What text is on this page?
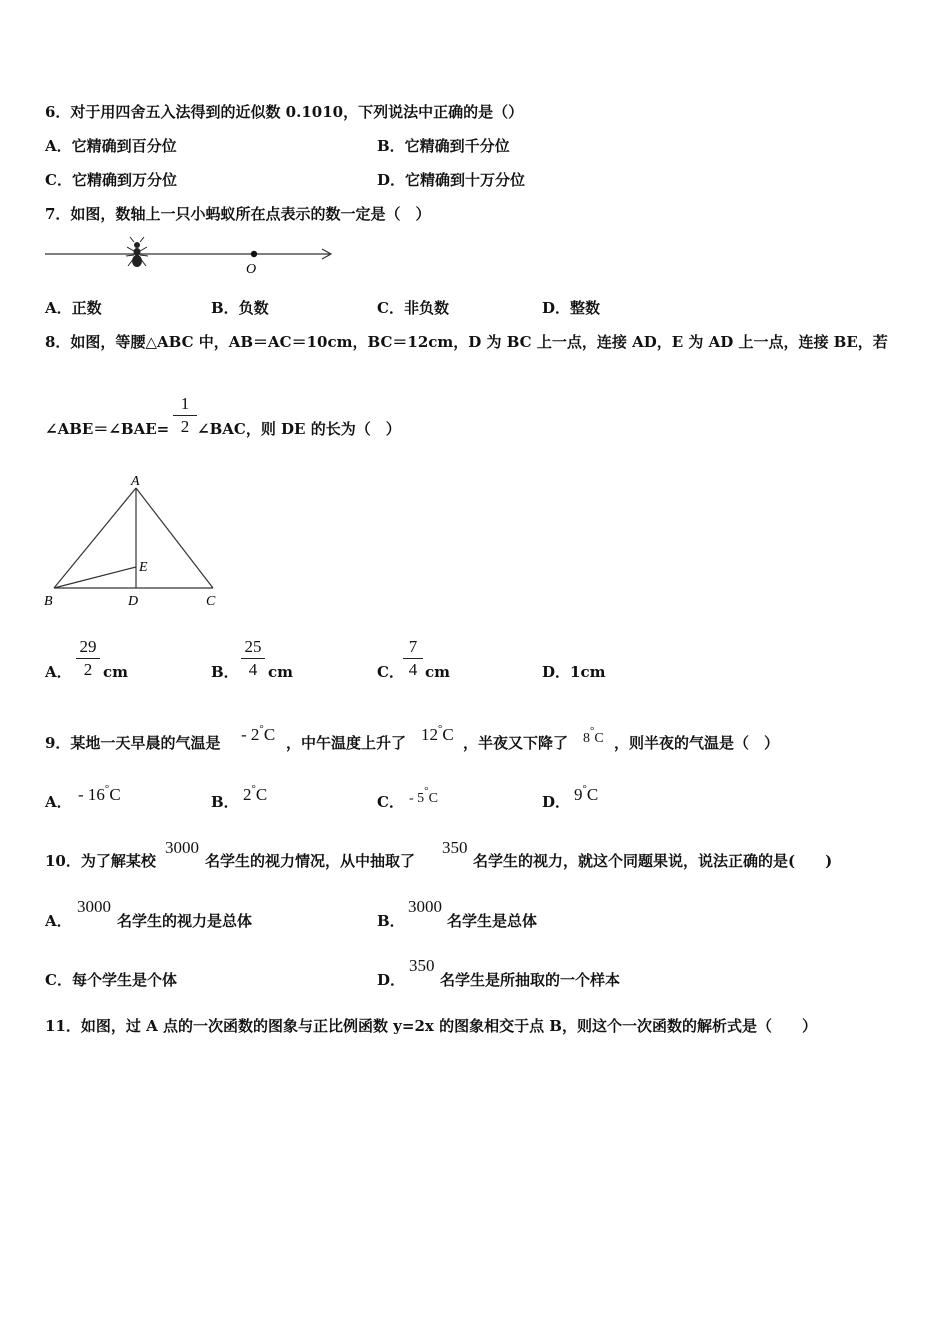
6．对于用四舍五入法得到的近似数 0.1010，下列说法中正确的是（）
A．它精确到百分位	B．它精确到千分位
C．它精确到万分位	D．它精确到十万分位
7．如图，数轴上一只小蚂蚁所在点表示的数一定是（　）
O
A．正数	B．负数	C．非负数	D．整数
8．如图，等腰△ABC 中，AB＝AC＝10cm，BC＝12cm，D 为 BC 上一点，连接 AD，E 为 AD 上一点，连接 BE，若
∠ABE＝∠BAE= $\frac{1}{2}$ ∠BAC，则 DE 的长为（　）
A
B	C
D
E
A． $\frac{29}{2}$ cm	B． $\frac{25}{4}$ cm	C． $\frac{7}{4}$ cm	D．1cm
9．某地一天早晨的气温是 - 2°C ，中午温度上升了 12°C ，半夜又下降了 8°C ，则半夜的气温是（　）
A． - 16°C	B． 2°C	C． - 5°C	D． 9°C
10．为了解某校
3000
名学生的视力情况，从中抽取了
350
名学生的视力，就这个同题果说，说法正确的是(　　)
A．
3000
名学生的视力是总体	B．
3000
名学生是总体
C．每个学生是个体	D．
350
名学生是所抽取的一个样本
11．如图，过 A 点的一次函数的图象与正比例函数 y=2x 的图象相交于点 B，则这个一次函数的解析式是（　　）
